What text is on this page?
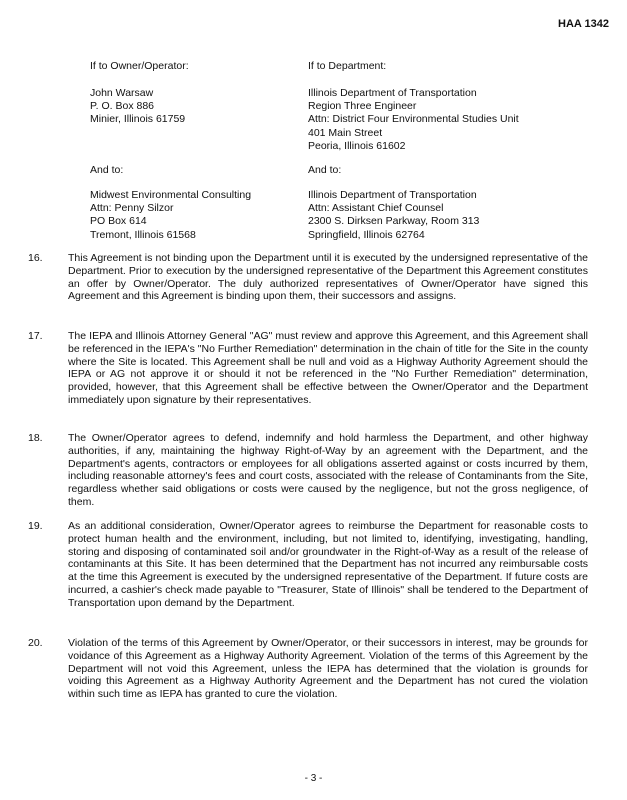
HAA 1342
If to Owner/Operator:
John Warsaw
P. O. Box 886
Minier, Illinois 61759
And to:
Midwest Environmental Consulting
Attn: Penny Silzor
PO Box 614
Tremont, Illinois 61568
If to Department:
Illinois Department of Transportation
Region Three Engineer
Attn: District Four Environmental Studies Unit
401 Main Street
Peoria, Illinois 61602
And to:
Illinois Department of Transportation
Attn: Assistant Chief Counsel
2300 S. Dirksen Parkway, Room 313
Springfield, Illinois 62764
16.	This Agreement is not binding upon the Department until it is executed by the undersigned representative of the Department. Prior to execution by the undersigned representative of the Department this Agreement constitutes an offer by Owner/Operator. The duly authorized representatives of Owner/Operator have signed this Agreement and this Agreement is binding upon them, their successors and assigns.
17.	The IEPA and Illinois Attorney General "AG" must review and approve this Agreement, and this Agreement shall be referenced in the IEPA's "No Further Remediation" determination in the chain of title for the Site in the county where the Site is located. This Agreement shall be null and void as a Highway Authority Agreement should the IEPA or AG not approve it or should it not be referenced in the "No Further Remediation" determination, provided, however, that this Agreement shall be effective between the Owner/Operator and the Department immediately upon signature by their representatives.
18.	The Owner/Operator agrees to defend, indemnify and hold harmless the Department, and other highway authorities, if any, maintaining the highway Right-of-Way by an agreement with the Department, and the Department's agents, contractors or employees for all obligations asserted against or costs incurred by them, including reasonable attorney's fees and court costs, associated with the release of Contaminants from the Site, regardless whether said obligations or costs were caused by the negligence, but not the gross negligence, of them.
19.	As an additional consideration, Owner/Operator agrees to reimburse the Department for reasonable costs to protect human health and the environment, including, but not limited to, identifying, investigating, handling, storing and disposing of contaminated soil and/or groundwater in the Right-of-Way as a result of the release of contaminants at this Site. It has been determined that the Department has not incurred any reimbursable costs at the time this Agreement is executed by the undersigned representative of the Department. If future costs are incurred, a cashier's check made payable to "Treasurer, State of Illinois" shall be tendered to the Department of Transportation upon demand by the Department.
20.	Violation of the terms of this Agreement by Owner/Operator, or their successors in interest, may be grounds for voidance of this Agreement as a Highway Authority Agreement. Violation of the terms of this Agreement by the Department will not void this Agreement, unless the IEPA has determined that the violation is grounds for voiding this Agreement as a Highway Authority Agreement and the Department has not cured the violation within such time as IEPA has granted to cure the violation.
- 3 -
